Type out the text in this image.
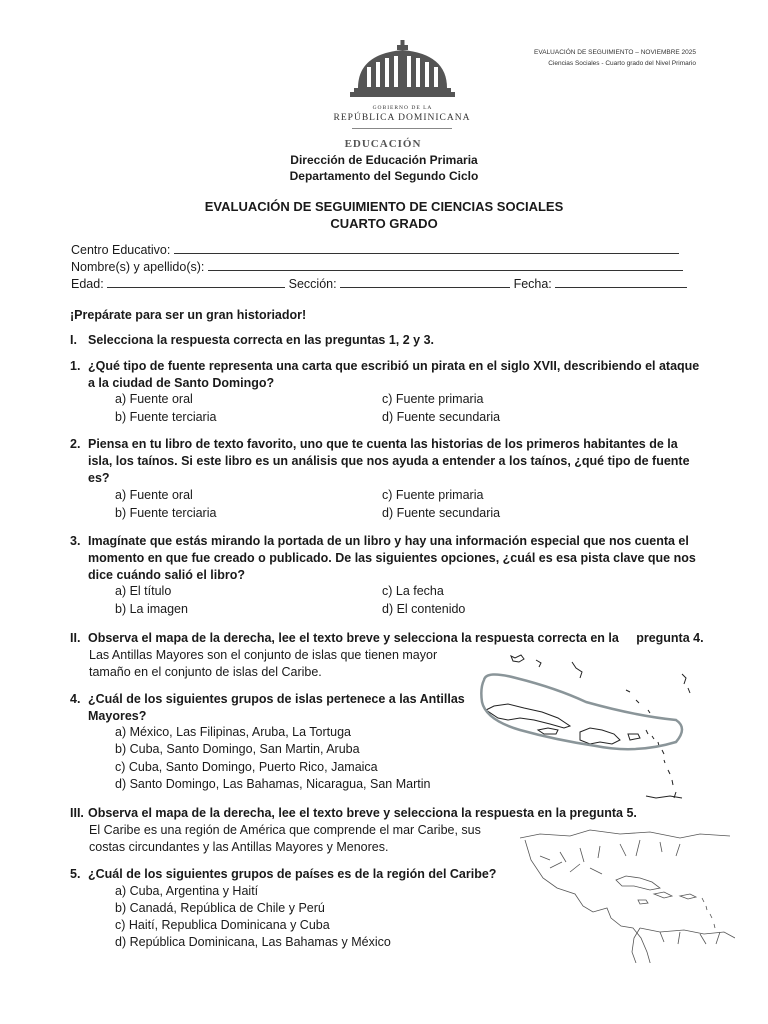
EVALUACIÓN DE SEGUIMIENTO – NOVIEMBRE 2025
Ciencias Sociales - Cuarto grado del Nivel Primario
GOBIERNO DE LA
REPÚBLICA DOMINICANA
EDUCACIÓN
Dirección de Educación Primaria
Departamento del Segundo Ciclo
EVALUACIÓN DE SEGUIMIENTO DE CIENCIAS SOCIALES
CUARTO GRADO
Centro Educativo:
Nombre(s) y apellido(s):
Edad:	Sección:	Fecha:
¡Prepárate para ser un gran historiador!
I. Selecciona la respuesta correcta en las preguntas 1, 2 y 3.
1. ¿Qué tipo de fuente representa una carta que escribió un pirata en el siglo XVII, describiendo el ataque a la ciudad de Santo Domingo?
a) Fuente oral
b) Fuente terciaria
c) Fuente primaria
d) Fuente secundaria
2. Piensa en tu libro de texto favorito, uno que te cuenta las historias de los primeros habitantes de la isla, los taínos. Si este libro es un análisis que nos ayuda a entender a los taínos, ¿qué tipo de fuente es?
a) Fuente oral
b) Fuente terciaria
c) Fuente primaria
d) Fuente secundaria
3. Imagínate que estás mirando la portada de un libro y hay una información especial que nos cuenta el momento en que fue creado o publicado. De las siguientes opciones, ¿cuál es esa pista clave que nos dice cuándo salió el libro?
a) El título
b) La imagen
c) La fecha
d) El contenido
II. Observa el mapa de la derecha, lee el texto breve y selecciona la respuesta correcta en la     pregunta 4.
Las Antillas Mayores son el conjunto de islas que tienen mayor
tamaño en el conjunto de islas del Caribe.
4. ¿Cuál de los siguientes grupos de islas pertenece a las Antillas
Mayores?
a) México, Las Filipinas, Aruba, La Tortuga
b) Cuba, Santo Domingo, San Martin, Aruba
c) Cuba, Santo Domingo, Puerto Rico, Jamaica
d) Santo Domingo, Las Bahamas, Nicaragua, San Martin
III. Observa el mapa de la derecha, lee el texto breve y selecciona la respuesta en la pregunta 5.
El Caribe es una región de América que comprende el mar Caribe, sus
costas circundantes y las Antillas Mayores y Menores.
5. ¿Cuál de los siguientes grupos de países es de la región del Caribe?
a) Cuba, Argentina y Haití
b) Canadá, República de Chile y Perú
c) Haití, Republica Dominicana y Cuba
d) República Dominicana, Las Bahamas y México
